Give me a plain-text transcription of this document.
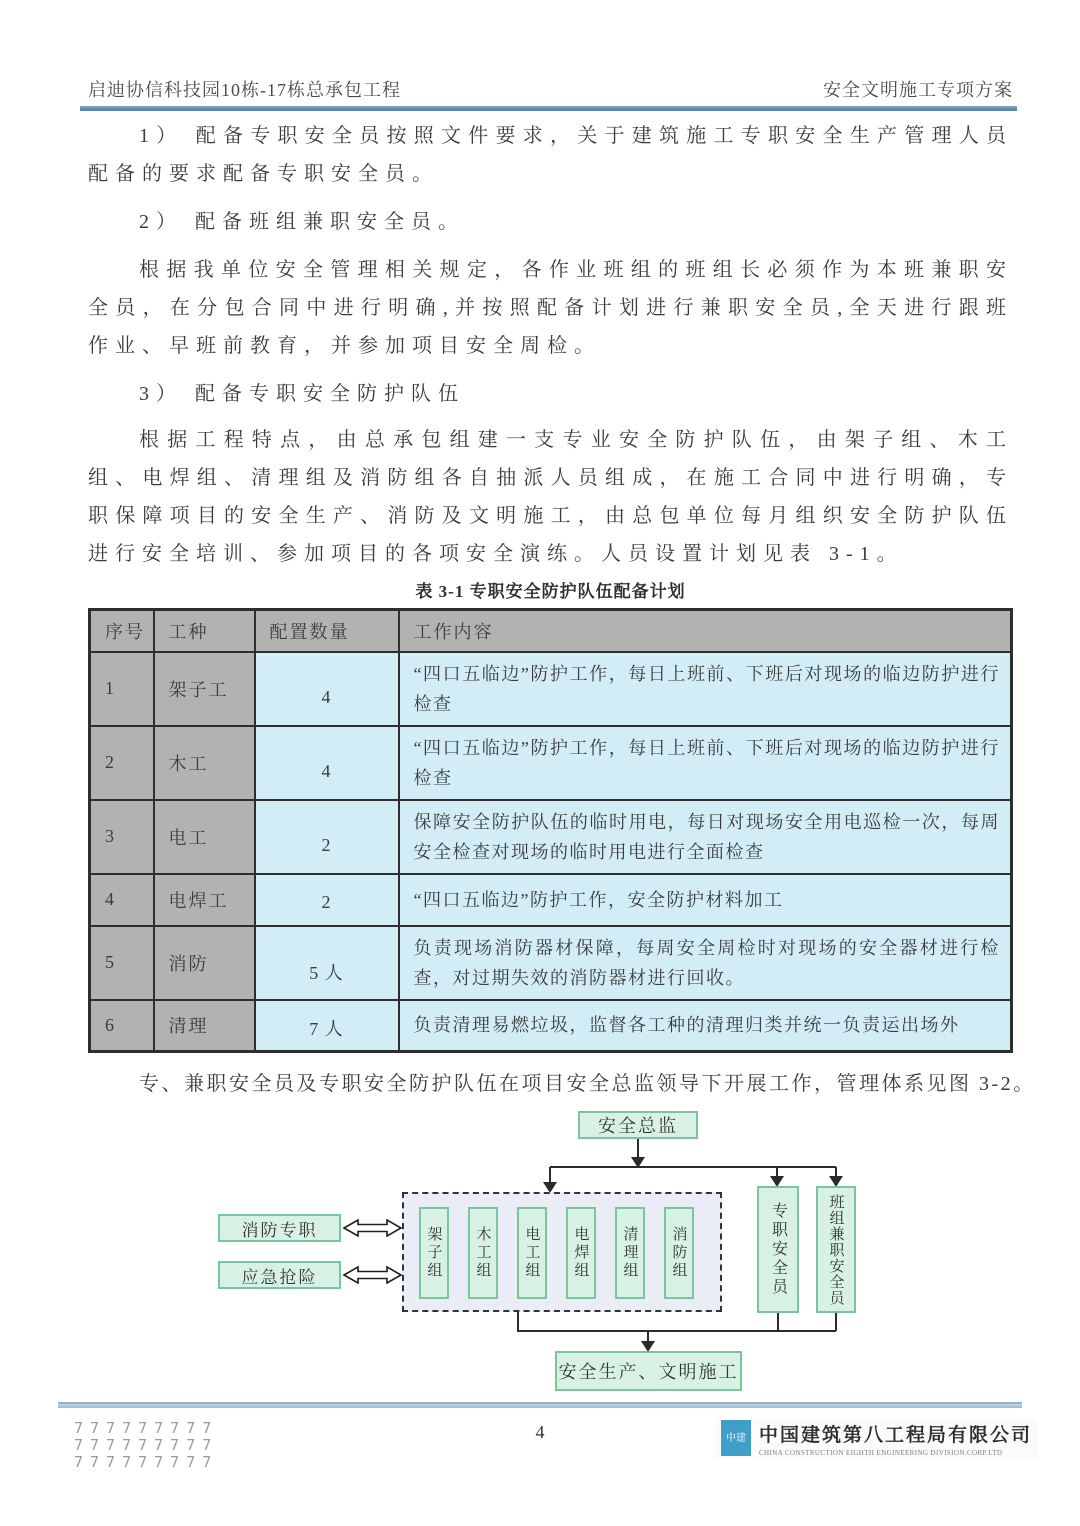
启迪协信科技园10栋-17栋总承包工程	安全文明施工专项方案

1） 配备专职安全员按照文件要求，关于建筑施工专职安全生产管理人员配备的要求配备专职安全员。

2） 配备班组兼职安全员。

根据我单位安全管理相关规定，各作业班组的班组长必须作为本班兼职安全员，在分包合同中进行明确,并按照配备计划进行兼职安全员,全天进行跟班作业、早班前教育，并参加项目安全周检。

3） 配备专职安全防护队伍

根据工程特点，由总承包组建一支专业安全防护队伍，由架子组、木工组、电焊组、清理组及消防组各自抽派人员组成，在施工合同中进行明确，专职保障项目的安全生产、消防及文明施工，由总包单位每月组织安全防护队伍进行安全培训、参加项目的各项安全演练。人员设置计划见表 3-1。

表 3-1 专职安全防护队伍配备计划
序号	工种	配置数量	工作内容
1	架子工	4	“四口五临边”防护工作，每日上班前、下班后对现场的临边防护进行检查
2	木工	4	“四口五临边”防护工作，每日上班前、下班后对现场的临边防护进行检查
3	电工	2	保障安全防护队伍的临时用电，每日对现场安全用电巡检一次，每周安全检查对现场的临时用电进行全面检查
4	电焊工	2	“四口五临边”防护工作，安全防护材料加工
5	消防	5 人	负责现场消防器材保障，每周安全周检时对现场的安全器材进行检查，对过期失效的消防器材进行回收。
6	清理	7 人	负责清理易燃垃圾，监督各工种的清理归类并统一负责运出场外

专、兼职安全员及专职安全防护队伍在项目安全总监领导下开展工作，管理体系见图 3-2。

安全总监
消防专职
应急抢险	架子组	木工组	电工组	电焊组	清理组	消防组	专职安全员	班组兼职安全员
安全生产、文明施工
777777777
777777777
777777777
4	中建 中国建筑第八工程局有限公司
CHINA CONSTRUCTION EIGHTH ENGINEERING DIVISION.CORP.LTD
